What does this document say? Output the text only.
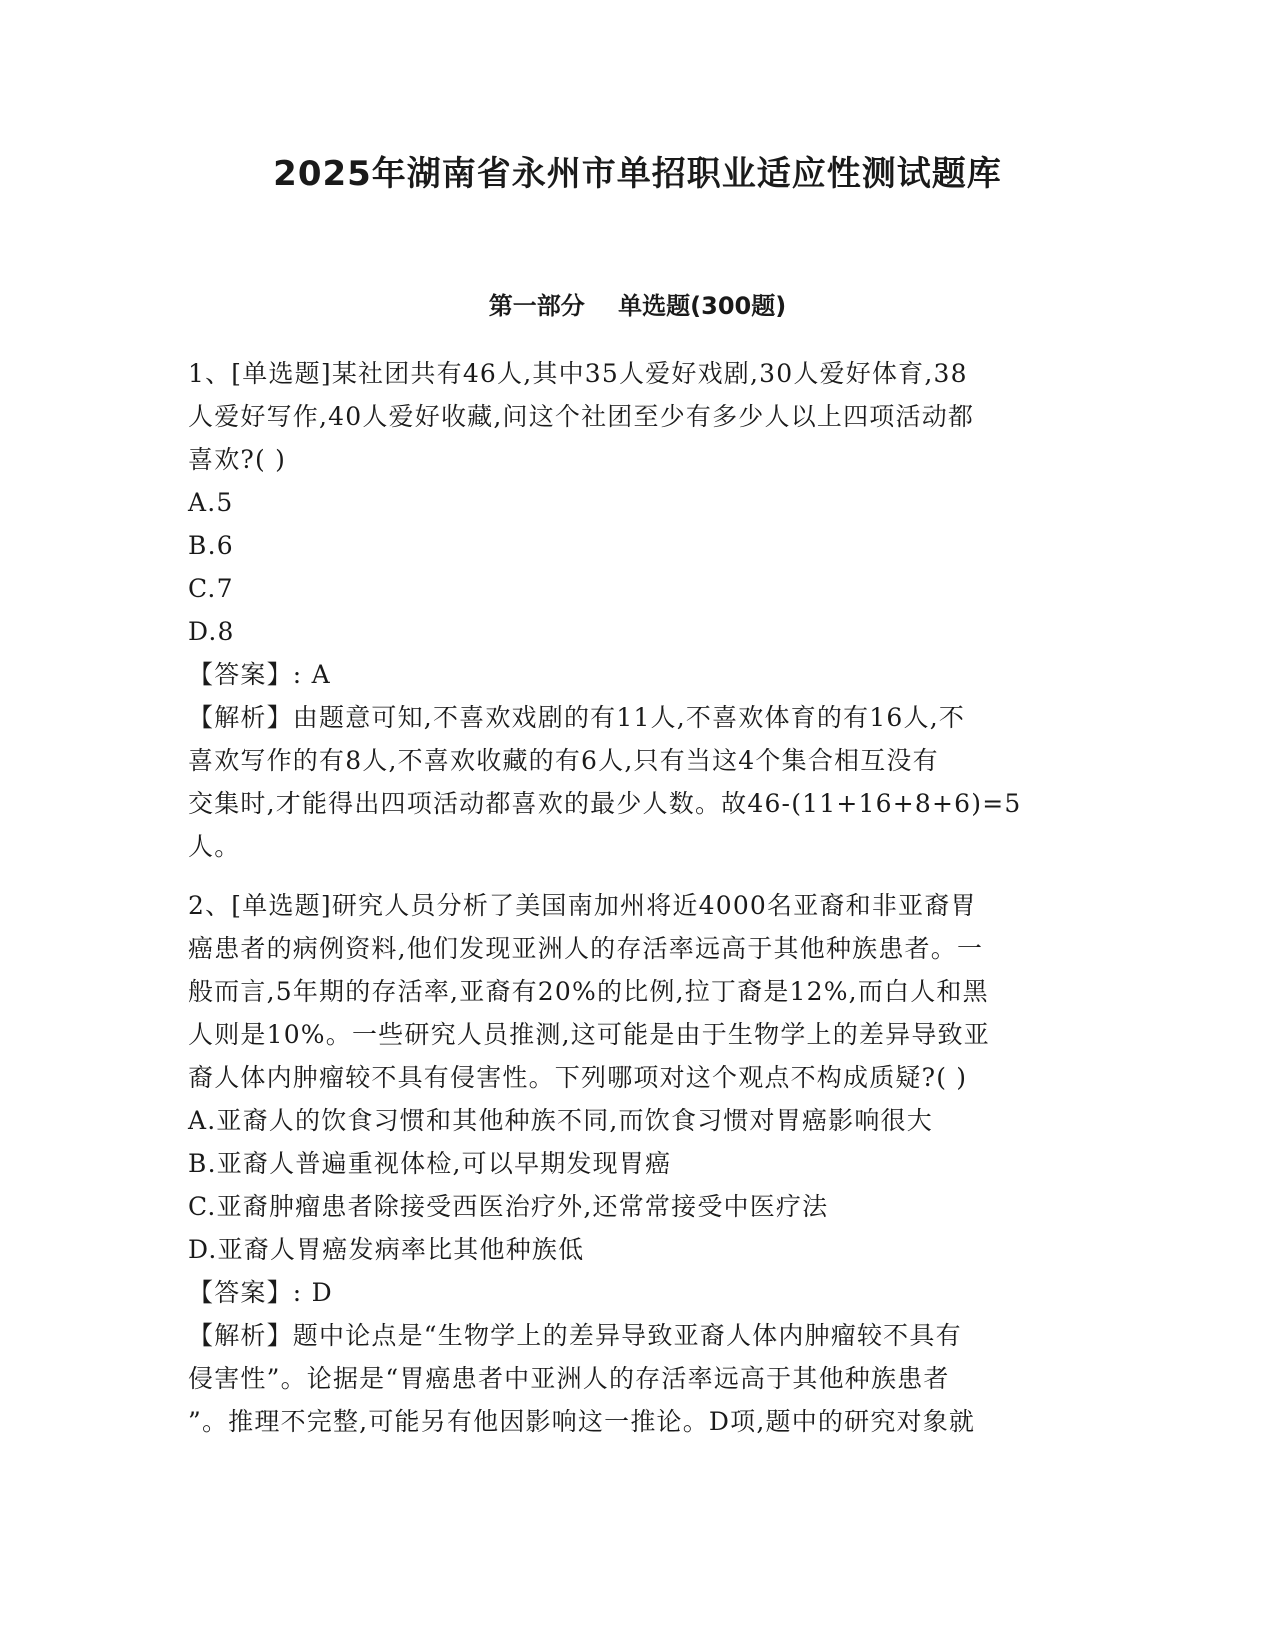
2025年湖南省永州市单招职业适应性测试题库
第一部分    单选题(300题)

1、[单选题]某社团共有46人,其中35人爱好戏剧,30人爱好体育,38
人爱好写作,40人爱好收藏,问这个社团至少有多少人以上四项活动都
喜欢?( )

A.5

B.6

C.7

D.8

【答案】: A

【解析】由题意可知,不喜欢戏剧的有11人,不喜欢体育的有16人,不
喜欢写作的有8人,不喜欢收藏的有6人,只有当这4个集合相互没有
交集时,才能得出四项活动都喜欢的最少人数。故46-(11+16+8+6)=5
人。

2、[单选题]研究人员分析了美国南加州将近4000名亚裔和非亚裔胃
癌患者的病例资料,他们发现亚洲人的存活率远高于其他种族患者。一
般而言,5年期的存活率,亚裔有20%的比例,拉丁裔是12%,而白人和黑
人则是10%。一些研究人员推测,这可能是由于生物学上的差异导致亚
裔人体内肿瘤较不具有侵害性。下列哪项对这个观点不构成质疑?( )

A.亚裔人的饮食习惯和其他种族不同,而饮食习惯对胃癌影响很大

B.亚裔人普遍重视体检,可以早期发现胃癌

C.亚裔肿瘤患者除接受西医治疗外,还常常接受中医疗法

D.亚裔人胃癌发病率比其他种族低

【答案】: D

【解析】题中论点是“生物学上的差异导致亚裔人体内肿瘤较不具有
侵害性”。论据是“胃癌患者中亚洲人的存活率远高于其他种族患者
”。推理不完整,可能另有他因影响这一推论。D项,题中的研究对象就
